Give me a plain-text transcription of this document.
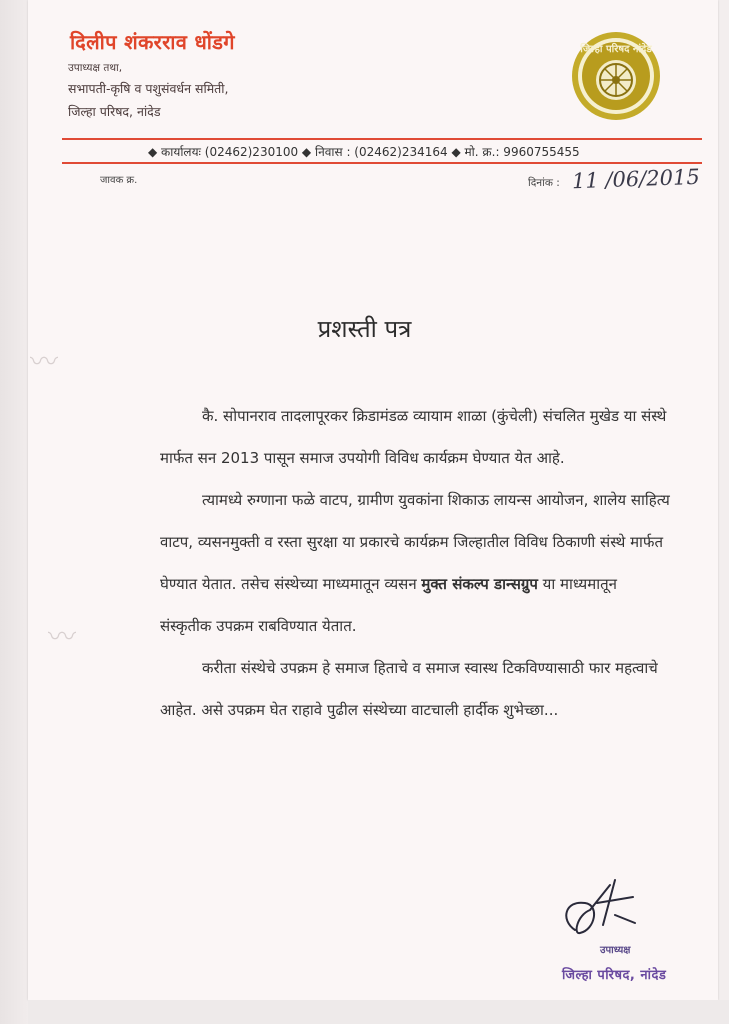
〰
〰
दिलीप शंकरराव धोंडगे
उपाध्यक्ष तथा,
सभापती-कृषि व पशुसंवर्धन समिती,
जिल्हा परिषद, नांदेड
जिल्हा परिषद नांदेड
◆ कार्यालयः (02462)230100 ◆ निवास : (02462)234164 ◆ मो. क्र.: 9960755455
जावक क्र.	दिनांक : 11 /06/2015
प्रशस्ती पत्र

कै. सोपानराव तादलापूरकर क्रिडामंडळ व्यायाम शाळा (कुंचेली) संचलित मुखेड या संस्थे मार्फत सन 2013 पासून समाज उपयोगी विविध कार्यक्रम घेण्यात येत आहे.

त्यामध्ये रुग्णाना फळे वाटप, ग्रामीण युवकांना शिकाऊ लायन्स आयोजन, शालेय साहित्य वाटप, व्यसनमुक्ती व रस्ता सुरक्षा या प्रकारचे कार्यक्रम जिल्हातील विविध ठिकाणी संस्थे मार्फत घेण्यात येतात. तसेच संस्थेच्या माध्यमातून व्यसन मुक्त संकल्प डान्सग्रुप या माध्यमातून संस्कृतीक उपक्रम राबविण्यात येतात.

करीता संस्थेचे उपक्रम हे समाज हिताचे व समाज स्वास्थ टिकविण्यासाठी फार महत्वाचे आहेत. असे उपक्रम घेत राहावे पुढील संस्थेच्या वाटचाली हार्दीक शुभेच्छा...

उपाध्यक्ष
जिल्हा परिषद, नांदेड
